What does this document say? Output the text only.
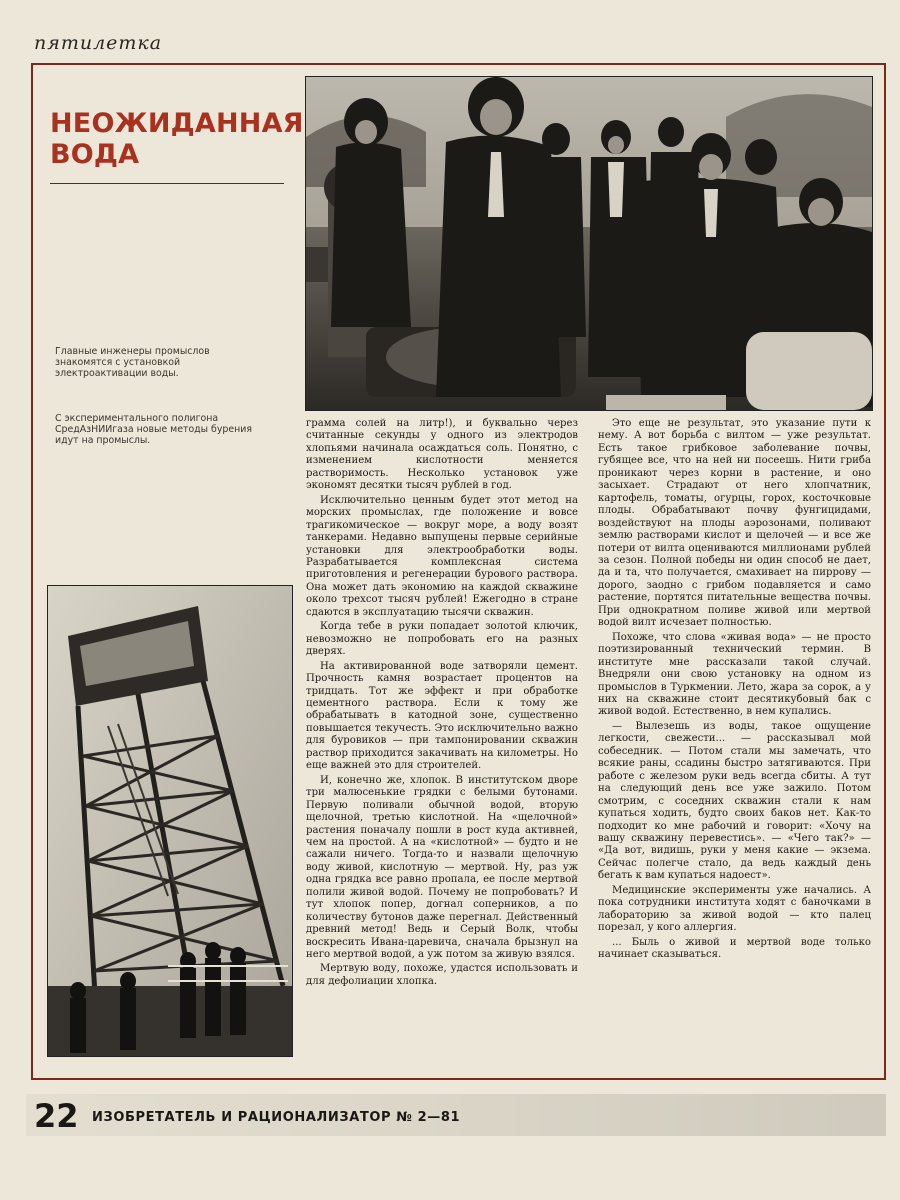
пятилетка
НЕОЖИДАННАЯ ВОДА
Главные инженеры промыслов знакомятся с установкой электроактивации воды.
С экспериментального полигона СредАзНИИгаза новые методы бурения идут на промыслы.

грамма солей на литр!), и буквально через считанные секунды у одного из электродов хлопьями начинала осаждаться соль. Понятно, с изменением кислотности меняется растворимость. Несколько установок уже экономят десятки тысяч рублей в год.

Исключительно ценным будет этот метод на морских промыслах, где положение и вовсе трагикомическое — вокруг море, а воду возят танкерами. Недавно выпущены первые серийные установки для электрообработки воды. Разрабатывается комплексная система приготовления и регенерации бурового раствора. Она может дать экономию на каждой скважине около трехсот тысяч рублей! Ежегодно в стране сдаются в эксплуатацию тысячи скважин.

Когда тебе в руки попадает золотой ключик, невозможно не попробовать его на разных дверях.

На активированной воде затворяли цемент. Прочность камня возрастает процентов на тридцать. Тот же эффект и при обработке цементного раствора. Если к тому же обрабатывать в катодной зоне, существенно повышается текучесть. Это исключительно важно для буровиков — при тампонировании скважин раствор приходится закачивать на километры. Но еще важней это для строителей.

И, конечно же, хлопок. В институтском дворе три малюсенькие грядки с белыми бутонами. Первую поливали обычной водой, вторую щелочной, третью кислотной. На «щелочной» растения поначалу пошли в рост куда активней, чем на простой. А на «кислотной» — будто и не сажали ничего. Тогда-то и назвали щелочную воду живой, кислотную — мертвой. Ну, раз уж одна грядка все равно пропала, ее после мертвой полили живой водой. Почему не попробовать? И тут хлопок попер, догнал соперников, а по количеству бутонов даже перегнал. Действенный древний метод! Ведь и Серый Волк, чтобы воскресить Ивана-царевича, сначала брызнул на него мертвой водой, а уж потом за живую взялся.

Мертвую воду, похоже, удастся использовать и для дефолиации хлопка.

Это еще не результат, это указание пути к нему. А вот борьба с вилтом — уже результат. Есть такое грибковое заболевание почвы, губящее все, что на ней ни посеешь. Нити гриба проникают через корни в растение, и оно засыхает. Страдают от него хлопчатник, картофель, томаты, огурцы, горох, косточковые плоды. Обрабатывают почву фунгицидами, воздействуют на плоды аэрозонами, поливают землю растворами кислот и щелочей — и все же потери от вилта оцениваются миллионами рублей за сезон. Полной победы ни один способ не дает, да и та, что получается, смахивает на пиррову — дорого, заодно с грибом подавляется и само растение, портятся питательные вещества почвы. При однократном поливе живой или мертвой водой вилт исчезает полностью.

Похоже, что слова «живая вода» — не просто поэтизированный технический термин. В институте мне рассказали такой случай. Внедряли они свою установку на одном из промыслов в Туркмении. Лето, жара за сорок, а у них на скважине стоит десятикубовый бак с живой водой. Естественно, в нем купались.

— Вылезешь из воды, такое ощущение легкости, свежести... — рассказывал мой собеседник. — Потом стали мы замечать, что всякие раны, ссадины быстро затягиваются. При работе с железом руки ведь всегда сбиты. А тут на следующий день все уже зажило. Потом смотрим, с соседних скважин стали к нам купаться ходить, будто своих баков нет. Как-то подходит ко мне рабочий и говорит: «Хочу на вашу скважину перевестись». — «Чего так?» — «Да вот, видишь, руки у меня какие — экзема. Сейчас полегче стало, да ведь каждый день бегать к вам купаться надоест».

Медицинские эксперименты уже начались. А пока сотрудники института ходят с баночками в лабораторию за живой водой — кто палец порезал, у кого аллергия.

... Быль о живой и мертвой воде только начинает сказываться.

22 ИЗОБРЕТАТЕЛЬ И РАЦИОНАЛИЗАТОР № 2—81
